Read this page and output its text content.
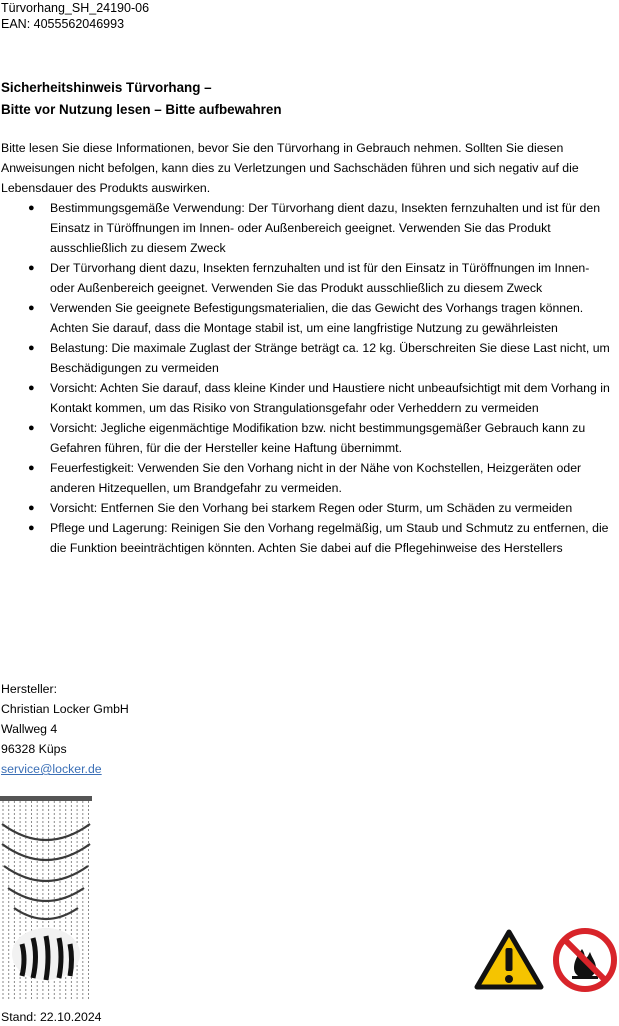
Türvorhang_SH_24190-06
EAN: 4055562046993
Sicherheitshinweis Türvorhang –
Bitte vor Nutzung lesen – Bitte aufbewahren

Bitte lesen Sie diese Informationen, bevor Sie den Türvorhang in Gebrauch nehmen. Sollten Sie diesen Anweisungen nicht befolgen, kann dies zu Verletzungen und Sachschäden führen und sich negativ auf die Lebensdauer des Produkts auswirken.

● Bestimmungsgemäße Verwendung: Der Türvorhang dient dazu, Insekten fernzuhalten und ist für den Einsatz in Türöffnungen im Innen- oder Außenbereich geeignet. Verwenden Sie das Produkt ausschließlich zu diesem Zweck
● Der Türvorhang dient dazu, Insekten fernzuhalten und ist für den Einsatz in Türöffnungen im Innen- oder Außenbereich geeignet. Verwenden Sie das Produkt ausschließlich zu diesem Zweck
● Verwenden Sie geeignete Befestigungsmaterialien, die das Gewicht des Vorhangs tragen können. Achten Sie darauf, dass die Montage stabil ist, um eine langfristige Nutzung zu gewährleisten
● Belastung: Die maximale Zuglast der Stränge beträgt ca. 12 kg. Überschreiten Sie diese Last nicht, um Beschädigungen zu vermeiden
● Vorsicht: Achten Sie darauf, dass kleine Kinder und Haustiere nicht unbeaufsichtigt mit dem Vorhang in Kontakt kommen, um das Risiko von Strangulationsgefahr oder Verheddern zu vermeiden
● Vorsicht: Jegliche eigenmächtige Modifikation bzw. nicht bestimmungsgemäßer Gebrauch kann zu Gefahren führen, für die der Hersteller keine Haftung übernimmt.
● Feuerfestigkeit: Verwenden Sie den Vorhang nicht in der Nähe von Kochstellen, Heizgeräten oder anderen Hitzequellen, um Brandgefahr zu vermeiden.
● Vorsicht: Entfernen Sie den Vorhang bei starkem Regen oder Sturm, um Schäden zu vermeiden
● Pflege und Lagerung: Reinigen Sie den Vorhang regelmäßig, um Staub und Schmutz zu entfernen, die die Funktion beeinträchtigen könnten. Achten Sie dabei auf die Pflegehinweise des Herstellers
Hersteller:
Christian Locker GmbH
Wallweg 4
96328 Küps
service@locker.de
Stand: 22.10.2024
